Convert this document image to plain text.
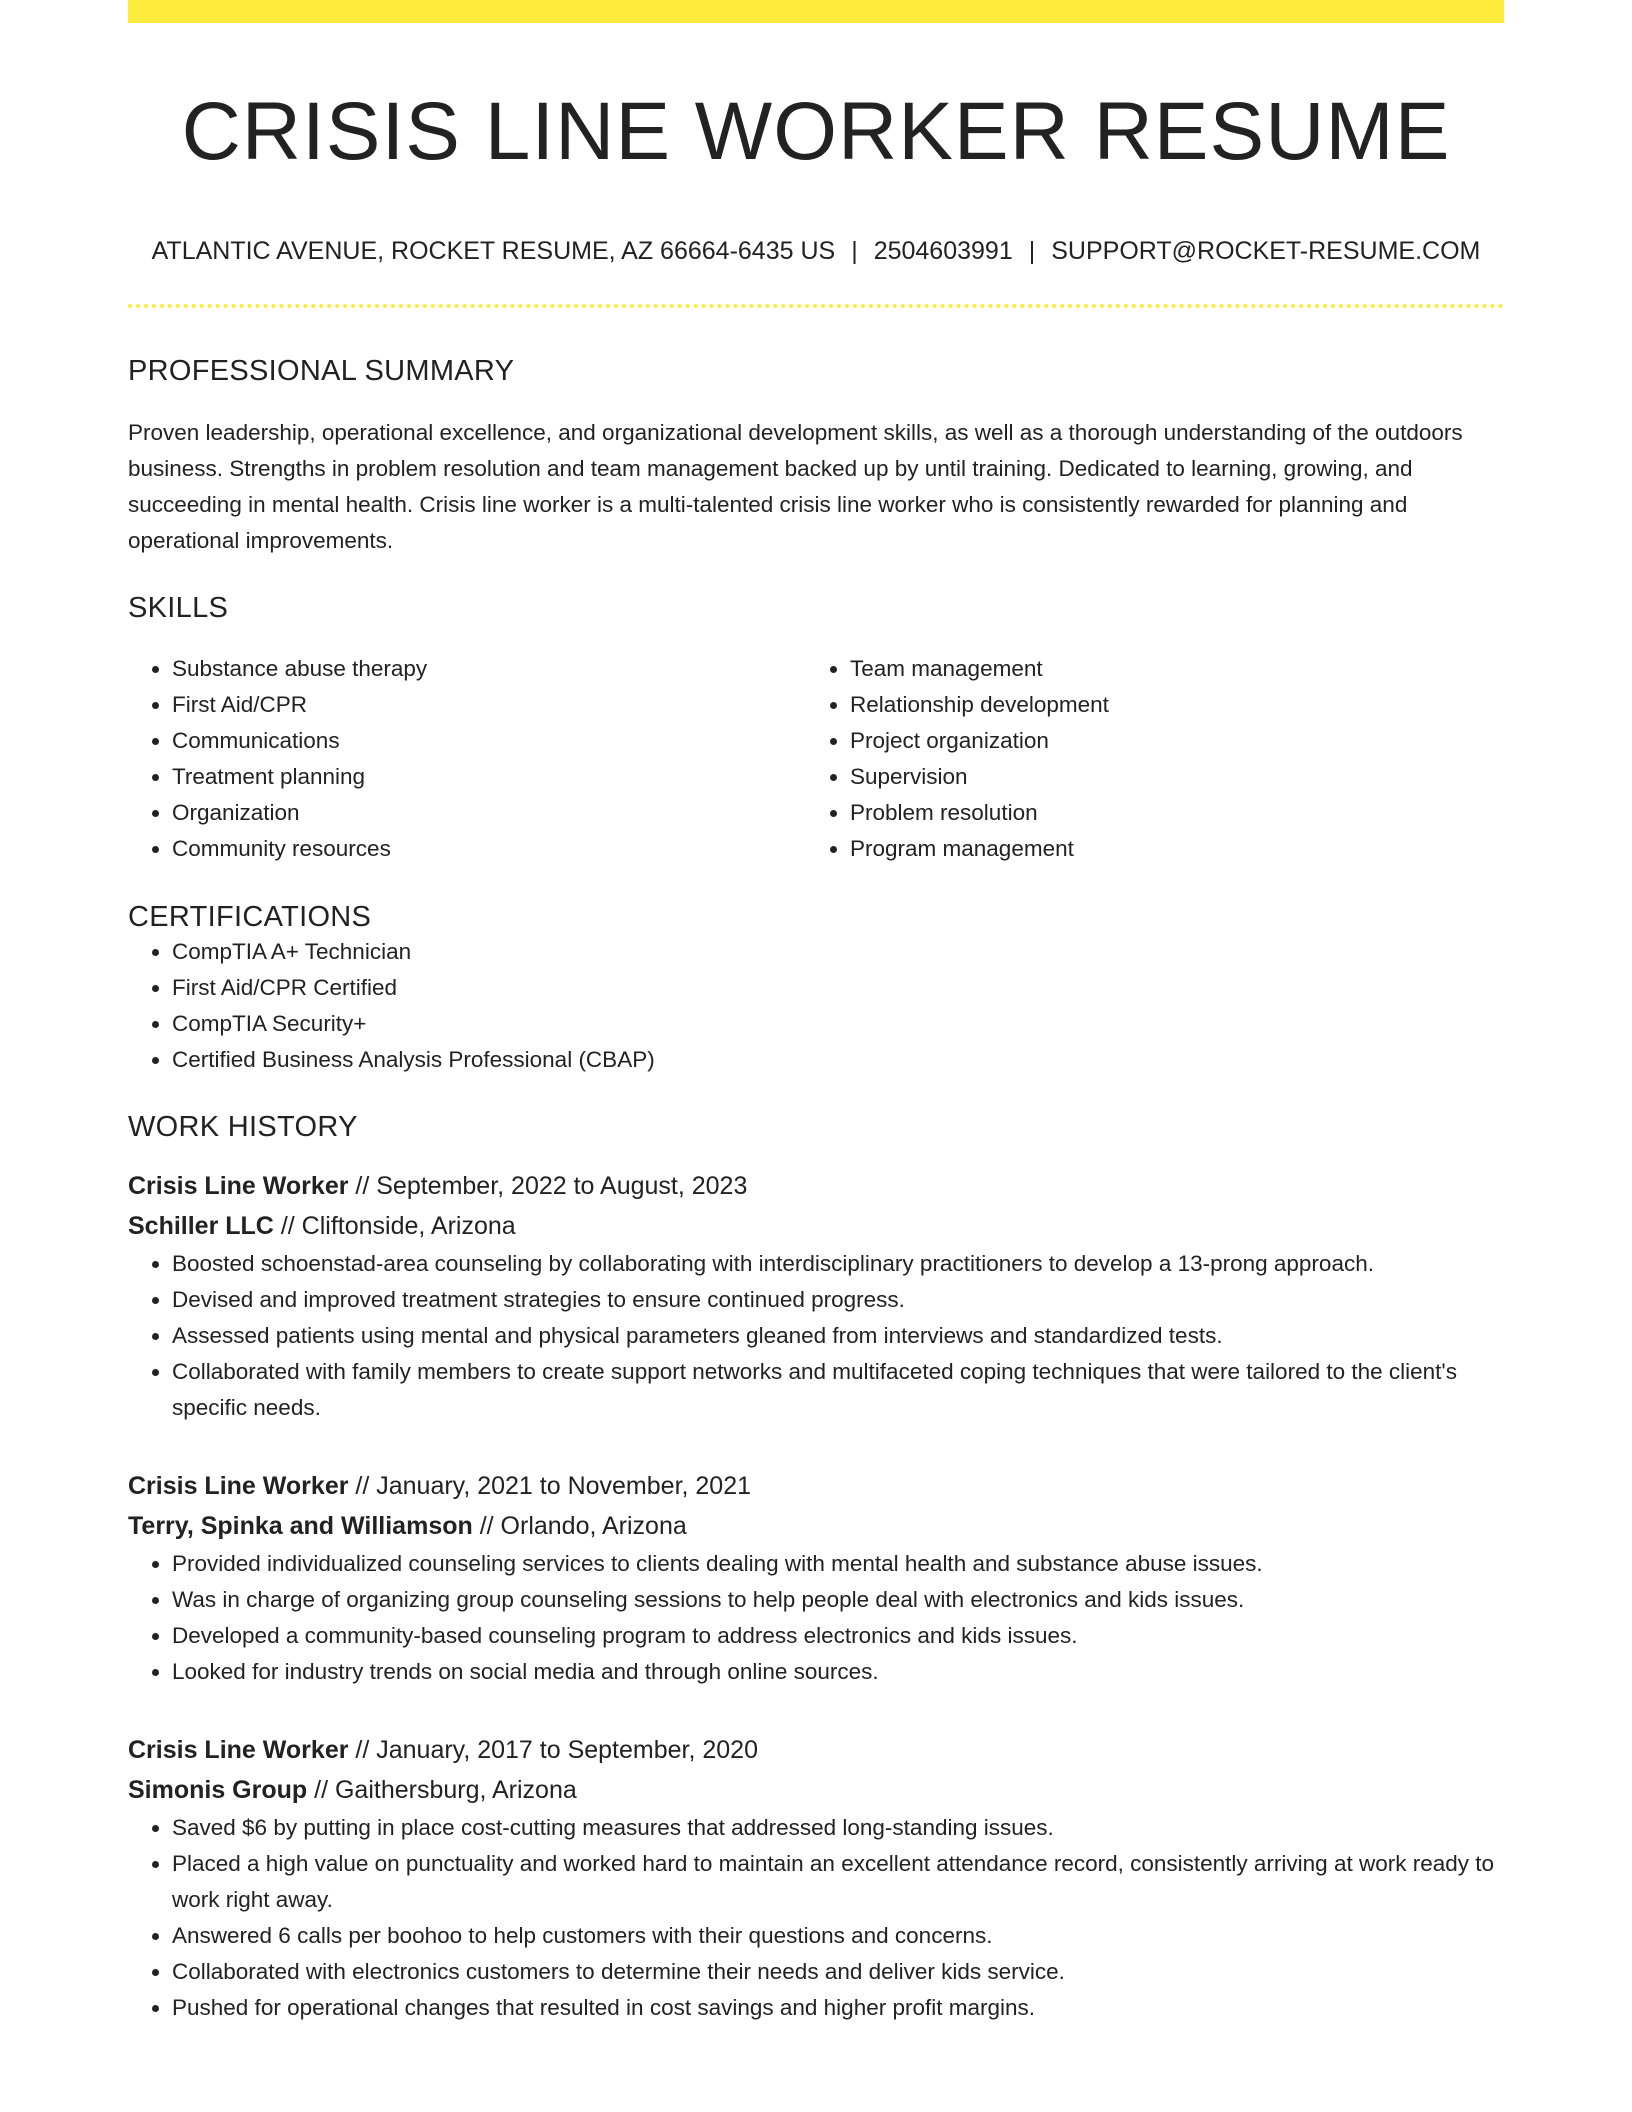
CRISIS LINE WORKER RESUME
ATLANTIC AVENUE, ROCKET RESUME, AZ 66664-6435 US | 2504603991 | SUPPORT@ROCKET-RESUME.COM
PROFESSIONAL SUMMARY
Proven leadership, operational excellence, and organizational development skills, as well as a thorough understanding of the outdoors business. Strengths in problem resolution and team management backed up by until training. Dedicated to learning, growing, and succeeding in mental health. Crisis line worker is a multi-talented crisis line worker who is consistently rewarded for planning and operational improvements.
SKILLS
• Substance abuse therapy
• First Aid/CPR
• Communications
• Treatment planning
• Organization
• Community resources
• Team management
• Relationship development
• Project organization
• Supervision
• Problem resolution
• Program management
CERTIFICATIONS
• CompTIA A+ Technician
• First Aid/CPR Certified
• CompTIA Security+
• Certified Business Analysis Professional (CBAP)
WORK HISTORY
Crisis Line Worker // September, 2022 to August, 2023
Schiller LLC // Cliftonside, Arizona
• Boosted schoenstad-area counseling by collaborating with interdisciplinary practitioners to develop a 13-prong approach.
• Devised and improved treatment strategies to ensure continued progress.
• Assessed patients using mental and physical parameters gleaned from interviews and standardized tests.
• Collaborated with family members to create support networks and multifaceted coping techniques that were tailored to the client's specific needs.
Crisis Line Worker // January, 2021 to November, 2021
Terry, Spinka and Williamson // Orlando, Arizona
• Provided individualized counseling services to clients dealing with mental health and substance abuse issues.
• Was in charge of organizing group counseling sessions to help people deal with electronics and kids issues.
• Developed a community-based counseling program to address electronics and kids issues.
• Looked for industry trends on social media and through online sources.
Crisis Line Worker // January, 2017 to September, 2020
Simonis Group // Gaithersburg, Arizona
• Saved $6 by putting in place cost-cutting measures that addressed long-standing issues.
• Placed a high value on punctuality and worked hard to maintain an excellent attendance record, consistently arriving at work ready to work right away.
• Answered 6 calls per boohoo to help customers with their questions and concerns.
• Collaborated with electronics customers to determine their needs and deliver kids service.
• Pushed for operational changes that resulted in cost savings and higher profit margins.
